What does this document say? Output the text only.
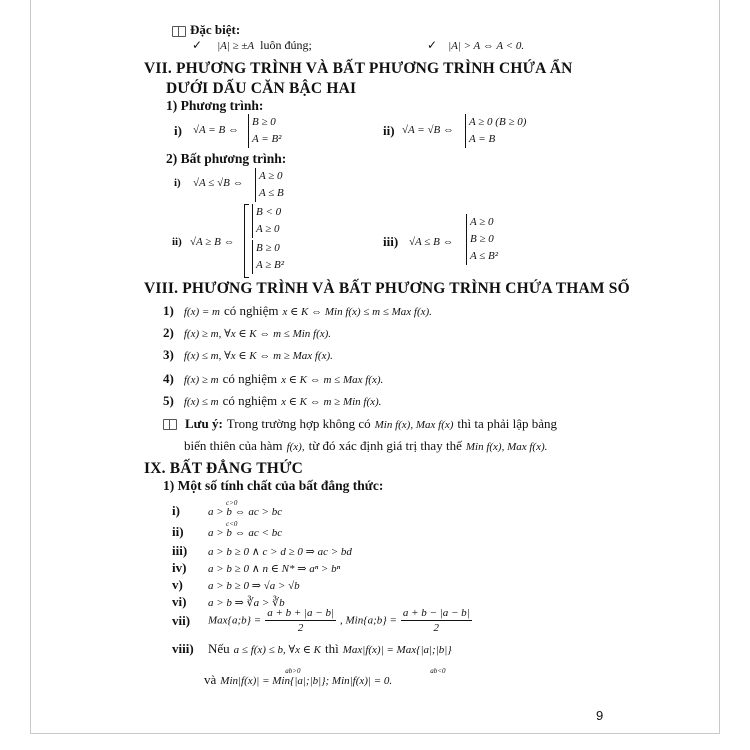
Đặc biệt:
✓ |A| ≥ ±A luôn đúng;	✓ |A| > A ⇔ A < 0.
VII. PHƯƠNG TRÌNH VÀ BẤT PHƯƠNG TRÌNH CHỨA ẨN
DƯỚI DẤU CĂN BẬC HAI
1) Phương trình:
i) √A = B ⇔
B ≥ 0
A = B²
ii) √A = √B ⇔
A ≥ 0 (B ≥ 0)
A = B
2) Bất phương trình:
i) √A ≤ √B ⇔
A ≥ 0
A ≤ B
ii) √A ≥ B ⇔
B < 0
A ≥ 0
B ≥ 0
A ≥ B²
iii) √A ≤ B ⇔
A ≥ 0
B ≥ 0
A ≤ B²
VIII. PHƯƠNG TRÌNH VÀ BẤT PHƯƠNG TRÌNH CHỨA THAM SỐ
1) f(x) = m có nghiệm x ∈ K ⇔ Min f(x) ≤ m ≤ Max f(x).
2) f(x) ≥ m, ∀x ∈ K ⇔ m ≤ Min f(x).
3) f(x) ≤ m, ∀x ∈ K ⇔ m ≥ Max f(x).
4) f(x) ≥ m có nghiệm x ∈ K ⇔ m ≤ Max f(x).
5) f(x) ≤ m có nghiệm x ∈ K ⇔ m ≥ Min f(x).
Lưu ý: Trong trường hợp không có Min f(x), Max f(x) thì ta phải lập bảng
biến thiên của hàm f(x), từ đó xác định giá trị thay thế Min f(x), Max f(x).
IX. BẤT ĐẲNG THỨC
1) Một số tính chất của bất đẳng thức:
i)	c>0
a > b ⇔ ac > bc
ii)	c<0
a > b ⇔ ac < bc
iii) a > b ≥ 0 ∧ c > d ≥ 0 ⇒ ac > bd
iv) a > b ≥ 0 ∧ n ∈ N* ⇒ aⁿ > bⁿ
v) a > b ≥ 0 ⇒ √a > √b
vi) a > b ⇒ ∛a > ∛b
vii) Max{a;b} = $\frac{a + b + |a - b|}{2}$ , Min{a;b} = $\frac{a + b - |a - b|}{2}$
viii) Nếu a ≤ f(x) ≤ b, ∀x ∈ K thì Max|f(x)| = Max{|a|;|b|}
và
ab>0	ab<0
Min|f(x)| = Min{|a|;|b|}; Min|f(x)| = 0.
9
